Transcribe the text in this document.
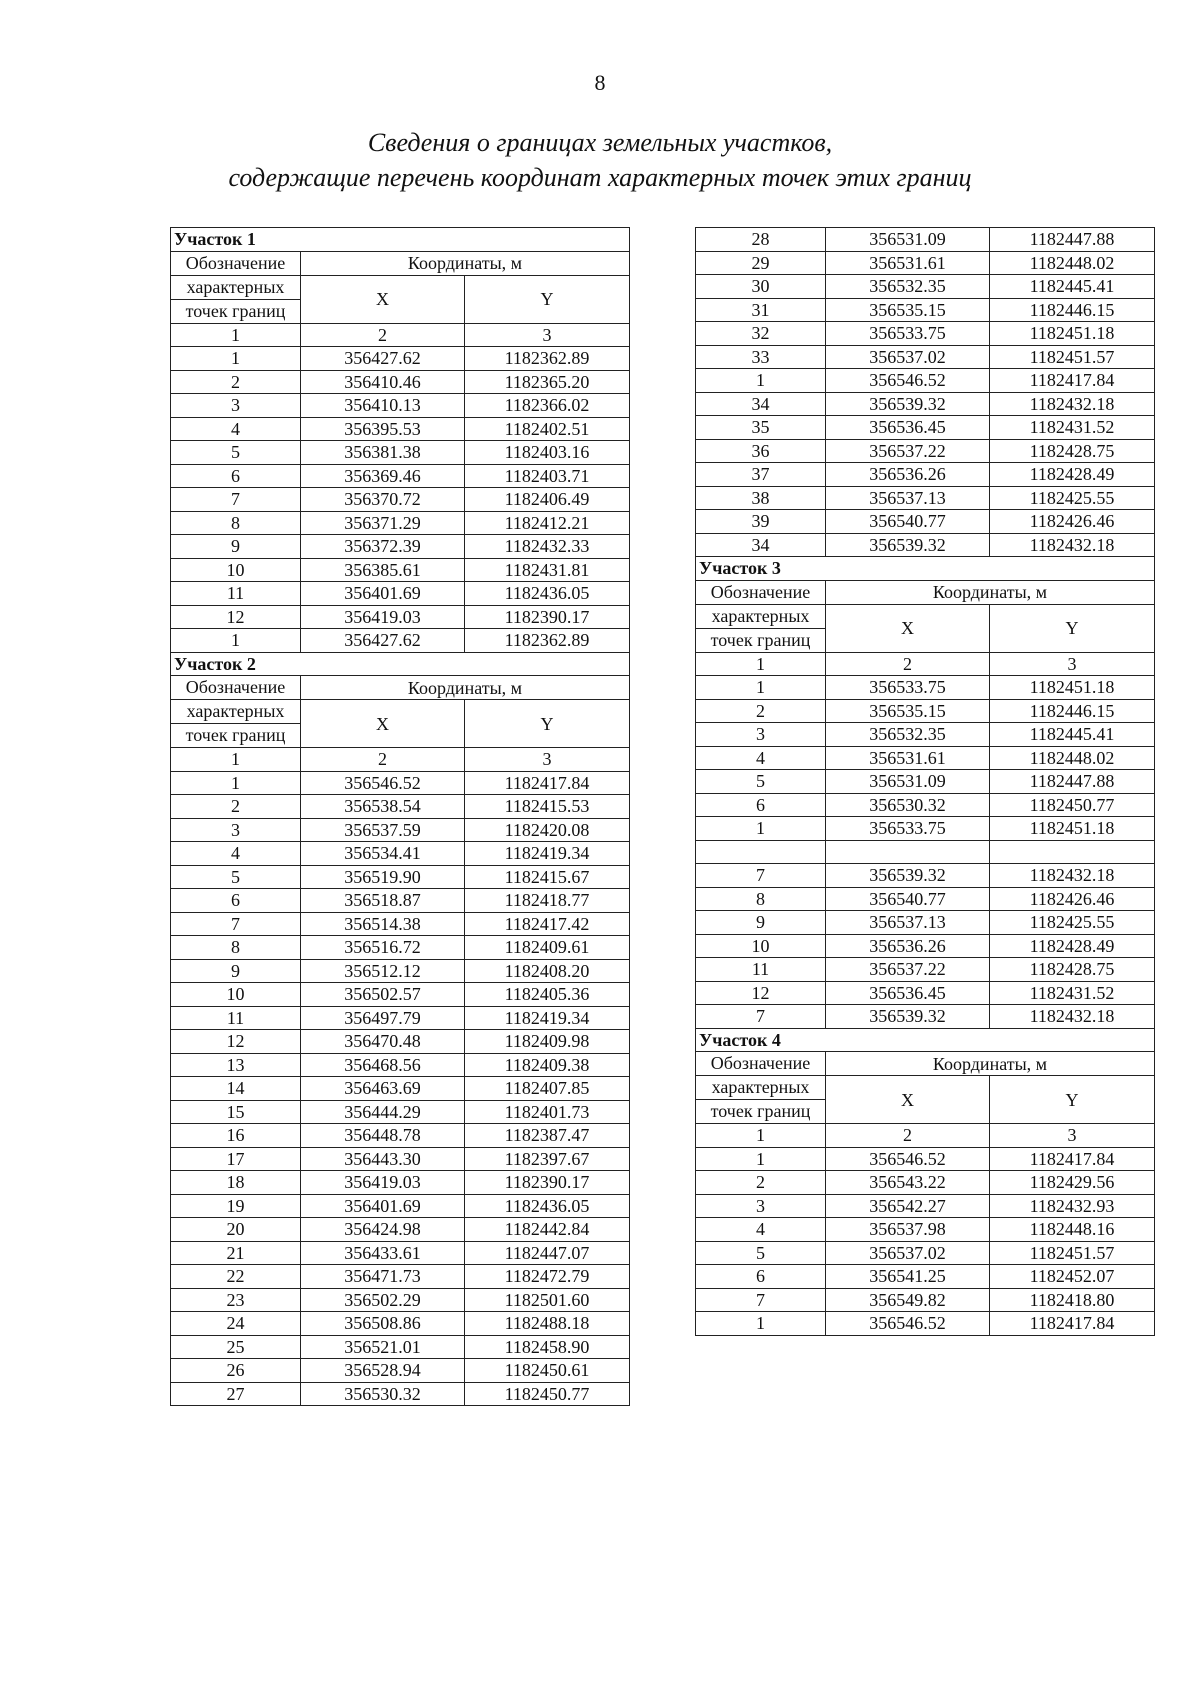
8
Сведения о границах земельных участков,
содержащие перечень координат характерных точек этих границ
Участок 1		
Обозначение	Координаты, м	
характерных	X	Y
точек границ		
1	2	3
1	356427.62	1182362.89
2	356410.46	1182365.20
3	356410.13	1182366.02
4	356395.53	1182402.51
5	356381.38	1182403.16
6	356369.46	1182403.71
7	356370.72	1182406.49
8	356371.29	1182412.21
9	356372.39	1182432.33
10	356385.61	1182431.81
11	356401.69	1182436.05
12	356419.03	1182390.17
1	356427.62	1182362.89
Участок 2		
Обозначение	Координаты, м	
характерных	X	Y
точек границ		
1	2	3
1	356546.52	1182417.84
2	356538.54	1182415.53
3	356537.59	1182420.08
4	356534.41	1182419.34
5	356519.90	1182415.67
6	356518.87	1182418.77
7	356514.38	1182417.42
8	356516.72	1182409.61
9	356512.12	1182408.20
10	356502.57	1182405.36
11	356497.79	1182419.34
12	356470.48	1182409.98
13	356468.56	1182409.38
14	356463.69	1182407.85
15	356444.29	1182401.73
16	356448.78	1182387.47
17	356443.30	1182397.67
18	356419.03	1182390.17
19	356401.69	1182436.05
20	356424.98	1182442.84
21	356433.61	1182447.07
22	356471.73	1182472.79
23	356502.29	1182501.60
24	356508.86	1182488.18
25	356521.01	1182458.90
26	356528.94	1182450.61
27	356530.32	1182450.77
28	356531.09	1182447.88
29	356531.61	1182448.02
30	356532.35	1182445.41
31	356535.15	1182446.15
32	356533.75	1182451.18
33	356537.02	1182451.57
1	356546.52	1182417.84
34	356539.32	1182432.18
35	356536.45	1182431.52
36	356537.22	1182428.75
37	356536.26	1182428.49
38	356537.13	1182425.55
39	356540.77	1182426.46
34	356539.32	1182432.18
Участок 3		
Обозначение	Координаты, м	
характерных	X	Y
точек границ		
1	2	3
1	356533.75	1182451.18
2	356535.15	1182446.15
3	356532.35	1182445.41
4	356531.61	1182448.02
5	356531.09	1182447.88
6	356530.32	1182450.77
1	356533.75	1182451.18

7	356539.32	1182432.18
8	356540.77	1182426.46
9	356537.13	1182425.55
10	356536.26	1182428.49
11	356537.22	1182428.75
12	356536.45	1182431.52
7	356539.32	1182432.18
Участок 4		
Обозначение	Координаты, м	
характерных	X	Y
точек границ		
1	2	3
1	356546.52	1182417.84
2	356543.22	1182429.56
3	356542.27	1182432.93
4	356537.98	1182448.16
5	356537.02	1182451.57
6	356541.25	1182452.07
7	356549.82	1182418.80
1	356546.52	1182417.84
